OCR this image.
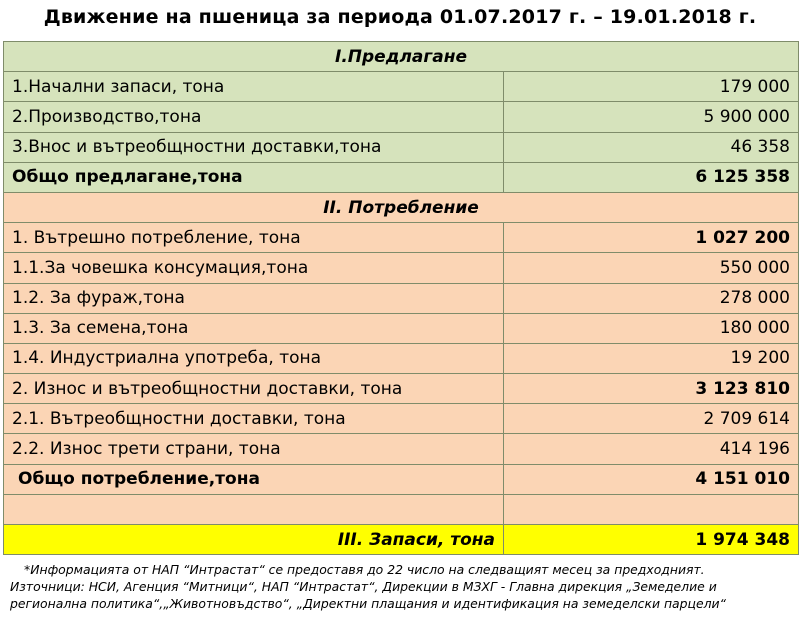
Движение на пшеница за периода 01.07.2017 г. – 19.01.2018 г.
I.Предлагане	
1.Начални запаси, тона	179 000
2.Производство,тона	5 900 000
3.Внос и вътреобщностни доставки,тона	46 358
Общо предлагане,тона	6 125 358
II. Потребление	
1. Вътрешно потребление, тона	1 027 200
1.1.За човешка консумация,тона	550 000
1.2. За фураж,тона	278 000
1.3. За семена,тона	180 000
1.4. Индустриална употреба, тона	19 200
2. Износ и вътреобщностни доставки, тона	3 123 810
2.1. Вътреобщностни доставки, тона	2 709 614
2.2. Износ трети страни, тона	414 196
Общо потребление,тона	4 151 010

III. Запаси, тона	1 974 348
*Информацията от НАП “Интрастат“ се предоставя до 22 число на следващият месец за предходният.
Източници: НСИ, Агенция “Митници“, НАП “Интрастат“, Дирекции в МЗХГ - Главна дирекция „Земеделие и
регионална политика“,„Животновъдство“, „Директни плащания и идентификация на земеделски парцели“
